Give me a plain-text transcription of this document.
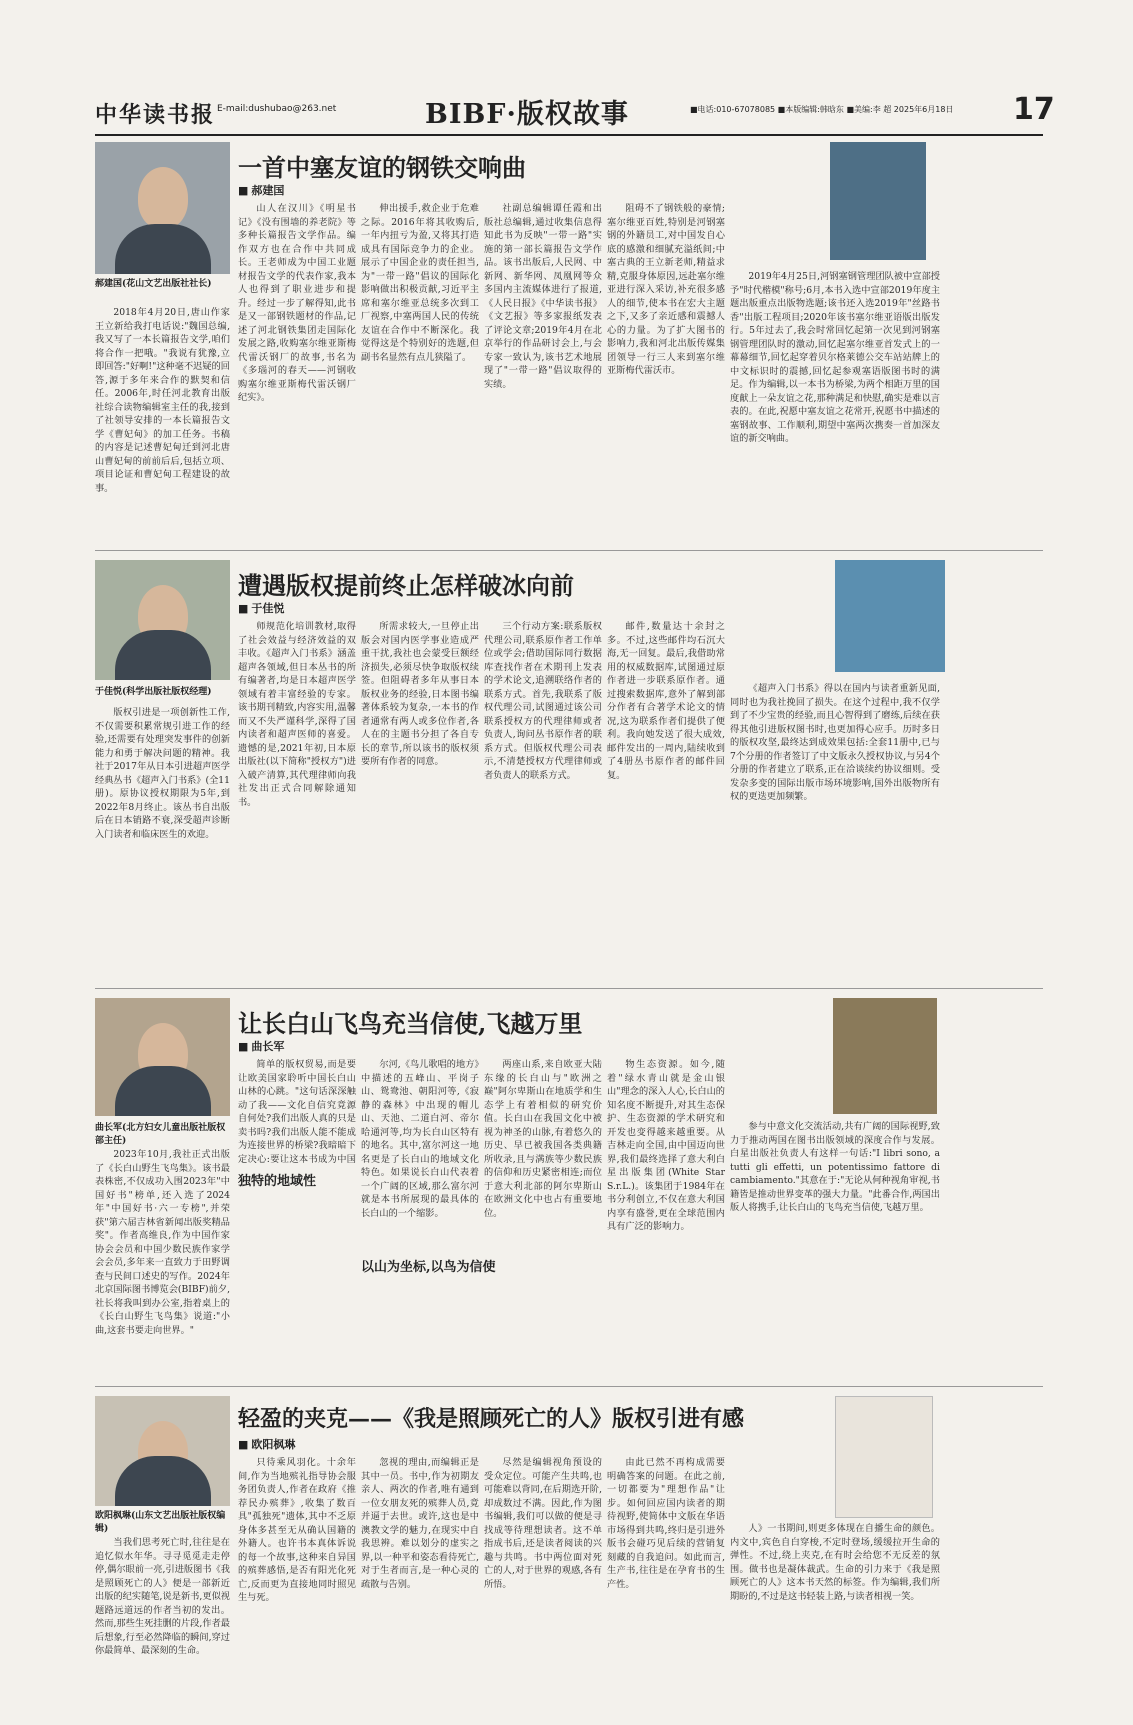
中华读书报 E-mail:dushubao@263.net	BIBF·版权故事	■电话:010-67078085 ■本版编辑:韩晗东 ■美编:李 超 2025年6月18日 17
郝建国(花山文艺出版社社长)

2018年4月20日,唐山作家王立新给我打电话说:"魏国总编,我又写了一本长篇报告文学,咱们将合作一把哦。"我说有犹豫,立即回答:"好啊!"这种毫不迟疑的回答,源于多年来合作的默契和信任。2006年,时任河北教育出版社综合读物编辑室主任的我,接到了社领导安排的一本长篇报告文学《曹妃甸》的加工任务。书稿的内容是记述曹妃甸迁到河北唐山曹妃甸的前前后后,包括立项、项目论证和曹妃甸工程建设的故事。

一首中塞友谊的钢铁交响曲
■ 郝建国

山人在汉川》《明星书记》《没有围墙的养老院》等多种长篇报告文学作品。编作双方也在合作中共同成长。王老师成为中国工业题材报告文学的代表作家,我本人也得到了职业进步和提升。经过一步了解得知,此书是又一部钢铁题材的作品,记述了河北钢铁集团走国际化发展之路,收购塞尔维亚斯梅代雷沃钢厂的故事,书名为《多瑙河的春天——河钢收购塞尔维亚斯梅代雷沃钢厂纪实》。

伸出援手,救企业于危难之际。2016年将其收购后,一年内扭亏为盈,又将其打造成具有国际竞争力的企业。展示了中国企业的责任担当,为"一带一路"倡议的国际化影响做出积极贡献,习近平主席和塞尔维亚总统多次到工厂视察,中塞两国人民的传统友谊在合作中不断深化。我觉得这是个特别好的选题,但副书名显然有点儿狭隘了。

社副总编辑谭任霞和出版社总编辑,通过收集信息得知此书为反映"一带一路"实施的第一部长篇报告文学作品。该书出版后,人民网、中新网、新华网、凤凰网等众多国内主流媒体进行了报道,《人民日报》《中华读书报》《文艺报》等多家报纸发表了评论文章;2019年4月在北京举行的作品研讨会上,与会专家一致认为,该书艺术地展现了"一带一路"倡议取得的实绩。

阻碍不了钢铁般的豪情;塞尔维亚百姓,特别是河钢塞钢的外籍员工,对中国发自心底的感激和细腻充溢纸间;中塞古典的王立新老师,精益求精,克服身体原因,远赴塞尔维亚进行深入采访,补充很多感人的细节,使本书在宏大主题之下,又多了亲近感和震撼人心的力量。为了扩大图书的影响力,我和河北出版传媒集团领导一行三人来到塞尔维亚斯梅代雷沃市。

2019年4月25日,河钢塞钢管理团队被中宣部授予"时代楷模"称号;6月,本书入选中宣部2019年度主题出版重点出版物选题;该书还入选2019年"丝路书香"出版工程项目;2020年该书塞尔维亚语版出版发行。5年过去了,我会时常回忆起第一次见到河钢塞钢管理团队时的激动,回忆起塞尔维亚首发式上的一幕幕细节,回忆起穿着贝尔格莱德公交车站站牌上的中文标识时的震撼,回忆起参观塞语版图书时的满足。作为编辑,以一本书为桥梁,为两个相距万里的国度献上一朵友谊之花,那种满足和快慰,确实是难以言表的。在此,祝愿中塞友谊之花常开,祝愿书中描述的塞钢故事、工作顺利,期望中塞两次携奏一首加深友谊的新交响曲。

于佳悦(科学出版社版权经理)

版权引进是一项创新性工作,不仅需要积累常规引进工作的经验,还需要有处理突发事件的创新能力和勇于解决问题的精神。我社于2017年从日本引进超声医学经典丛书《超声入门书系》(全11册)。原协议授权期限为5年,到2022年8月终止。该丛书自出版后在日本销路不衰,深受超声诊断入门读者和临床医生的欢迎。

遭遇版权提前终止怎样破冰向前
■ 于佳悦

师规范化培训教材,取得了社会效益与经济效益的双丰收。《超声入门书系》涵盖超声各领域,但日本丛书的所有编著者,均是日本超声医学领域有着丰富经验的专家。该书期刊精致,内容实用,温馨而又不失严谨科学,深得了国内读者和超声医师的喜爱。遗憾的是,2021年初,日本原出版社(以下简称"授权方")进入破产清算,其代理律师向我社发出正式合同解除通知书。

所需求较大,一旦停止出版会对国内医学事业造成严重干扰,我社也会蒙受巨额经济损失,必须尽快争取版权续签。但阻碍者多年从事日本版权业务的经验,日本图书编著体系较为复杂,一本书的作者通常有两人或多位作者,各人在的主题书分担了各自专长的章节,所以该书的版权须要所有作者的同意。

三个行动方案:联系版权代理公司,联系原作者工作单位或学会;借助国际同行数据库查找作者在术期刊上发表的学术论文,追溯联络作者的联系方式。首先,我联系了版权代理公司,试图通过该公司联系授权方的代理律师或者负责人,询问丛书原作者的联系方式。但版权代理公司表示,不清楚授权方代理律师或者负责人的联系方式。

邮件,数量达十余封之多。不过,这些邮件均石沉大海,无一回复。最后,我借助常用的权威数据库,试图通过原作者进一步联系原作者。通过搜索数据库,意外了解到部分作者有合著学术论文的情况,这为联系作者们提供了便利。我向她发送了很大成效,邮件发出的一周内,陆续收到了4册丛书原作者的邮件回复。

《超声入门书系》得以在国内与读者重新见面,同时也为我社挽回了损失。在这个过程中,我不仅学到了不少宝贵的经验,而且心智得到了磨练,后续在获得其他引进版权图书时,也更加得心应手。历时多日的版权攻坚,最终达到成效果包括:全套11册中,已与7个分册的作者签订了中文版永久授权协议,与另4个分册的作者建立了联系,正在洽谈续约协议细则。受发杂多变的国际出版市场环境影响,国外出版物所有权的更迭更加频繁。

曲长军(北方妇女儿童出版社版权部主任)

2023年10月,我社正式出版了《长白山野生飞鸟集》。该书最表株密,不仅成功入围2023年"中国好书"榜单,还入选了2024年"中国好书·六一专榜",并荣获"第六届吉林省新闻出版奖精品奖"。作者高维良,作为中国作家协会会员和中国少数民族作家学会会员,多年来一直致力于田野调查与民间口述史的写作。2024年北京国际图书博览会(BIBF)前夕,社长将我叫到办公室,指着桌上的《长白山野生飞鸟集》说道:"小曲,这套书要走向世界。"

让长白山飞鸟充当信使,飞越万里
■ 曲长军

简单的版权贸易,而是要让欧美国家聆听中国长白山山林的心跳。"这句话深深触动了我——文化自信究竟源自何处?我们出版人真的只是卖书吗?我们出版人能不能成为连接世界的桥梁?我暗暗下定决心:要让这本书成为中国

独特的地域性

尔河,《鸟儿歌唱的地方》中描述的五峰山、平岗子山、鸳鸯池、朝阳河等,《寂静的森林》中出现的帽儿山、天池、二道白河、帝尔哈通河等,均为长白山区特有的地名。其中,富尔河这一地名更是了长白山的地域文化特色。如果说长白山代表着一个广阔的区域,那么富尔河就是本书所展现的最具体的长白山的一个缩影。

以山为坐标,以鸟为信使

两座山系,来自欧亚大陆东缘的长白山与"欧洲之巅"阿尔卑斯山在地质学和生态学上有着相似的研究价值。长白山在我国文化中被视为神圣的山脉,有着悠久的历史、早已被我国各类典籍所收录,且与满族等少数民族的信仰和历史紧密相连;而位于意大利北部的阿尔卑斯山在欧洲文化中也占有重要地位。

物生态资源。如今,随着"绿水青山就是金山银山"理念的深入人心,长白山的知名度不断提升,对其生态保护、生态资源的学术研究和开发也变得越来越重要。从吉林走向全国,由中国迈向世界,我们最终选择了意大利白星出版集团(White Star S.r.L.)。该集团于1984年在书分利创立,不仅在意大利国内享有盛誉,更在全球范围内具有广泛的影响力。

参与中意文化交流活动,共有广阔的国际视野,致力于推动两国在图书出版领域的深度合作与发展。白星出版社负责人有这样一句话:"I libri sono, a tutti gli effetti, un potentissimo fattore di cambiamento."其意在于:"无论从何种视角审视,书籍皆是推动世界变革的强大力量。"此番合作,两国出版人将携手,让长白山的飞鸟充当信使,飞越万里。

欧阳枫琳(山东文艺出版社版权编辑)

当我们思考死亡时,往往是在追忆似水年华。寻寻觅觅走走停停,偶尔眼前一亮,引进版图书《我是照顾死亡的人》便是一部新近出版的纪实随笔,说是新书,更似视题路远道远的作者当初的发出。然而,那些生死挂删的片段,作者最后想象,行至必然降临的瞬间,穿过你最简单、最深刻的生命。

轻盈的夹克——《我是照顾死亡的人》版权引进有感
■ 欧阳枫琳

只待乘风羽化。十余年间,作为当地殡礼指导协会服务团负责人,作者在政府《推荐民办殡葬》,收集了数百具"孤独死"遗体,其中不乏原身体多甚至无从确认国籍的外籍人。也许书本真体诉说的每一个故事,这种来自异国的殡葬感悟,是否有阳光化死亡,反而更为直接地同时照见生与死。

忽视的理由,而编辑正是其中一员。书中,作为初期友亲人、两次的作者,唯有通到一位女朋友死的殡葬人员,竟并逼于去世。或许,这也是中澳教文学的魅力,在现实中自我思辨。难以划分的虚实之界,以一种平和姿态看待死亡,对于生者而言,是一种心灵的疏散与告别。

尽然是编辑视角预设的受众定位。可能产生共鸣,也可能难以背同,在后期选开阶,却成数过不满。因此,作为图书编辑,我们可以做的便是寻找成等待理想读者。这不单指成书后,还是读者阅读的兴趣与共鸣。书中两位面对死亡的人,对于世界的观感,各有所悟。

由此已然不再构成需要明确答案的问题。在此之前,一切都要为"理想作品"让步。如何回应国内读者的期待视野,使简体中文版在华语市场得到共鸣,终归是引进外版书会碰巧见后续的营销复刻藏的自我追问。如此而言,生产书,往往是在孕育书的生产性。

人》一书期间,则更多体现在自播生命的颜色。内文中,宾色自白穿梭,不定时登场,缓缓拉开生命的弹性。不过,绕上夹克,在有时会给您不无反差的氛围。做书也是凝体裁武。生命的引力来于《我是照顾死亡的人》这本书天然的标签。作为编辑,我们所期盼的,不过是这书轻装上路,与读者相视一笑。
